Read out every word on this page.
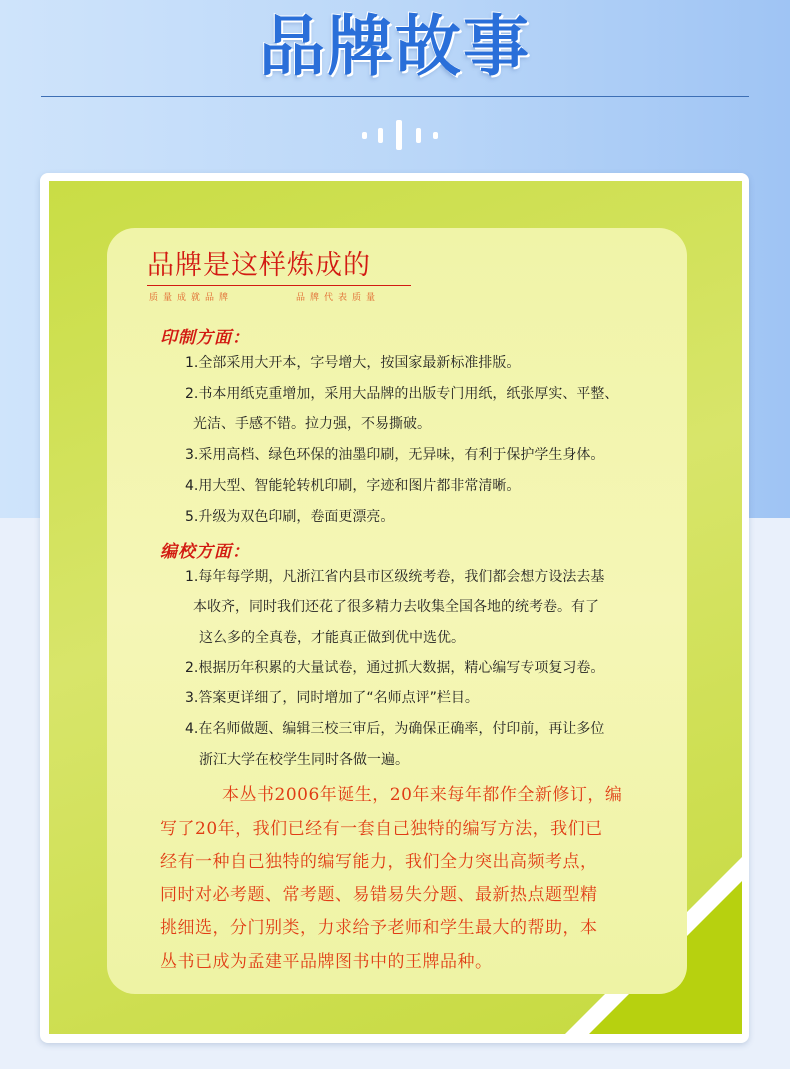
品牌故事
品牌是这样炼成的
质量成就品牌	品牌代表质量
印制方面：
1.全部采用大开本，字号增大，按国家最新标准排版。
2.书本用纸克重增加，采用大品牌的出版专门用纸，纸张厚实、平整、
光洁、手感不错。拉力强，不易撕破。
3.采用高档、绿色环保的油墨印刷，无异味，有利于保护学生身体。
4.用大型、智能轮转机印刷，字迹和图片都非常清晰。
5.升级为双色印刷，卷面更漂亮。
编校方面：
1.每年每学期，凡浙江省内县市区级统考卷，我们都会想方设法去基
本收齐，同时我们还花了很多精力去收集全国各地的统考卷。有了
这么多的全真卷，才能真正做到优中选优。
2.根据历年积累的大量试卷，通过抓大数据，精心编写专项复习卷。
3.答案更详细了，同时增加了“名师点评”栏目。
4.在名师做题、编辑三校三审后，为确保正确率，付印前，再让多位
浙江大学在校学生同时各做一遍。
本丛书2006年诞生，20年来每年都作全新修订，编
写了20年，我们已经有一套自己独特的编写方法，我们已
经有一种自己独特的编写能力，我们全力突出高频考点，
同时对必考题、常考题、易错易失分题、最新热点题型精
挑细选，分门别类，力求给予老师和学生最大的帮助，本
丛书已成为孟建平品牌图书中的王牌品种。
